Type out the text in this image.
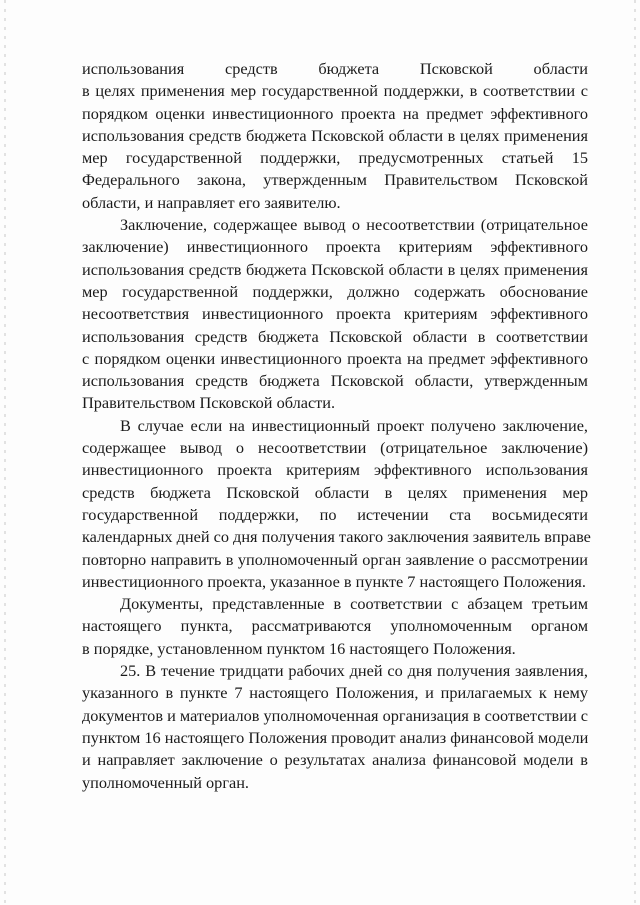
использования средств бюджета Псковской области
в целях применения мер государственной поддержки, в соответствии с
порядком оценки инвестиционного проекта на предмет эффективного
использования средств бюджета Псковской области в целях применения
мер государственной поддержки, предусмотренных статьей 15
Федерального закона, утвержденным Правительством Псковской
области, и направляет его заявителю.

Заключение, содержащее вывод о несоответствии (отрицательное
заключение) инвестиционного проекта критериям эффективного
использования средств бюджета Псковской области в целях применения
мер государственной поддержки, должно содержать обоснование
несоответствия инвестиционного проекта критериям эффективного
использования средств бюджета Псковской области в соответствии
с порядком оценки инвестиционного проекта на предмет эффективного
использования средств бюджета Псковской области, утвержденным
Правительством Псковской области.

В случае если на инвестиционный проект получено заключение,
содержащее вывод о несоответствии (отрицательное заключение)
инвестиционного проекта критериям эффективного использования
средств бюджета Псковской области в целях применения мер
государственной поддержки, по истечении ста восьмидесяти
календарных дней со дня получения такого заключения заявитель вправе
повторно направить в уполномоченный орган заявление о рассмотрении
инвестиционного проекта, указанное в пункте 7 настоящего Положения.

Документы, представленные в соответствии с абзацем третьим
настоящего пункта, рассматриваются уполномоченным органом
в порядке, установленном пунктом 16 настоящего Положения.

25. В течение тридцати рабочих дней со дня получения заявления,
указанного в пункте 7 настоящего Положения, и прилагаемых к нему
документов и материалов уполномоченная организация в соответствии с
пунктом 16 настоящего Положения проводит анализ финансовой модели
и направляет заключение о результатах анализа финансовой модели в
уполномоченный орган.
